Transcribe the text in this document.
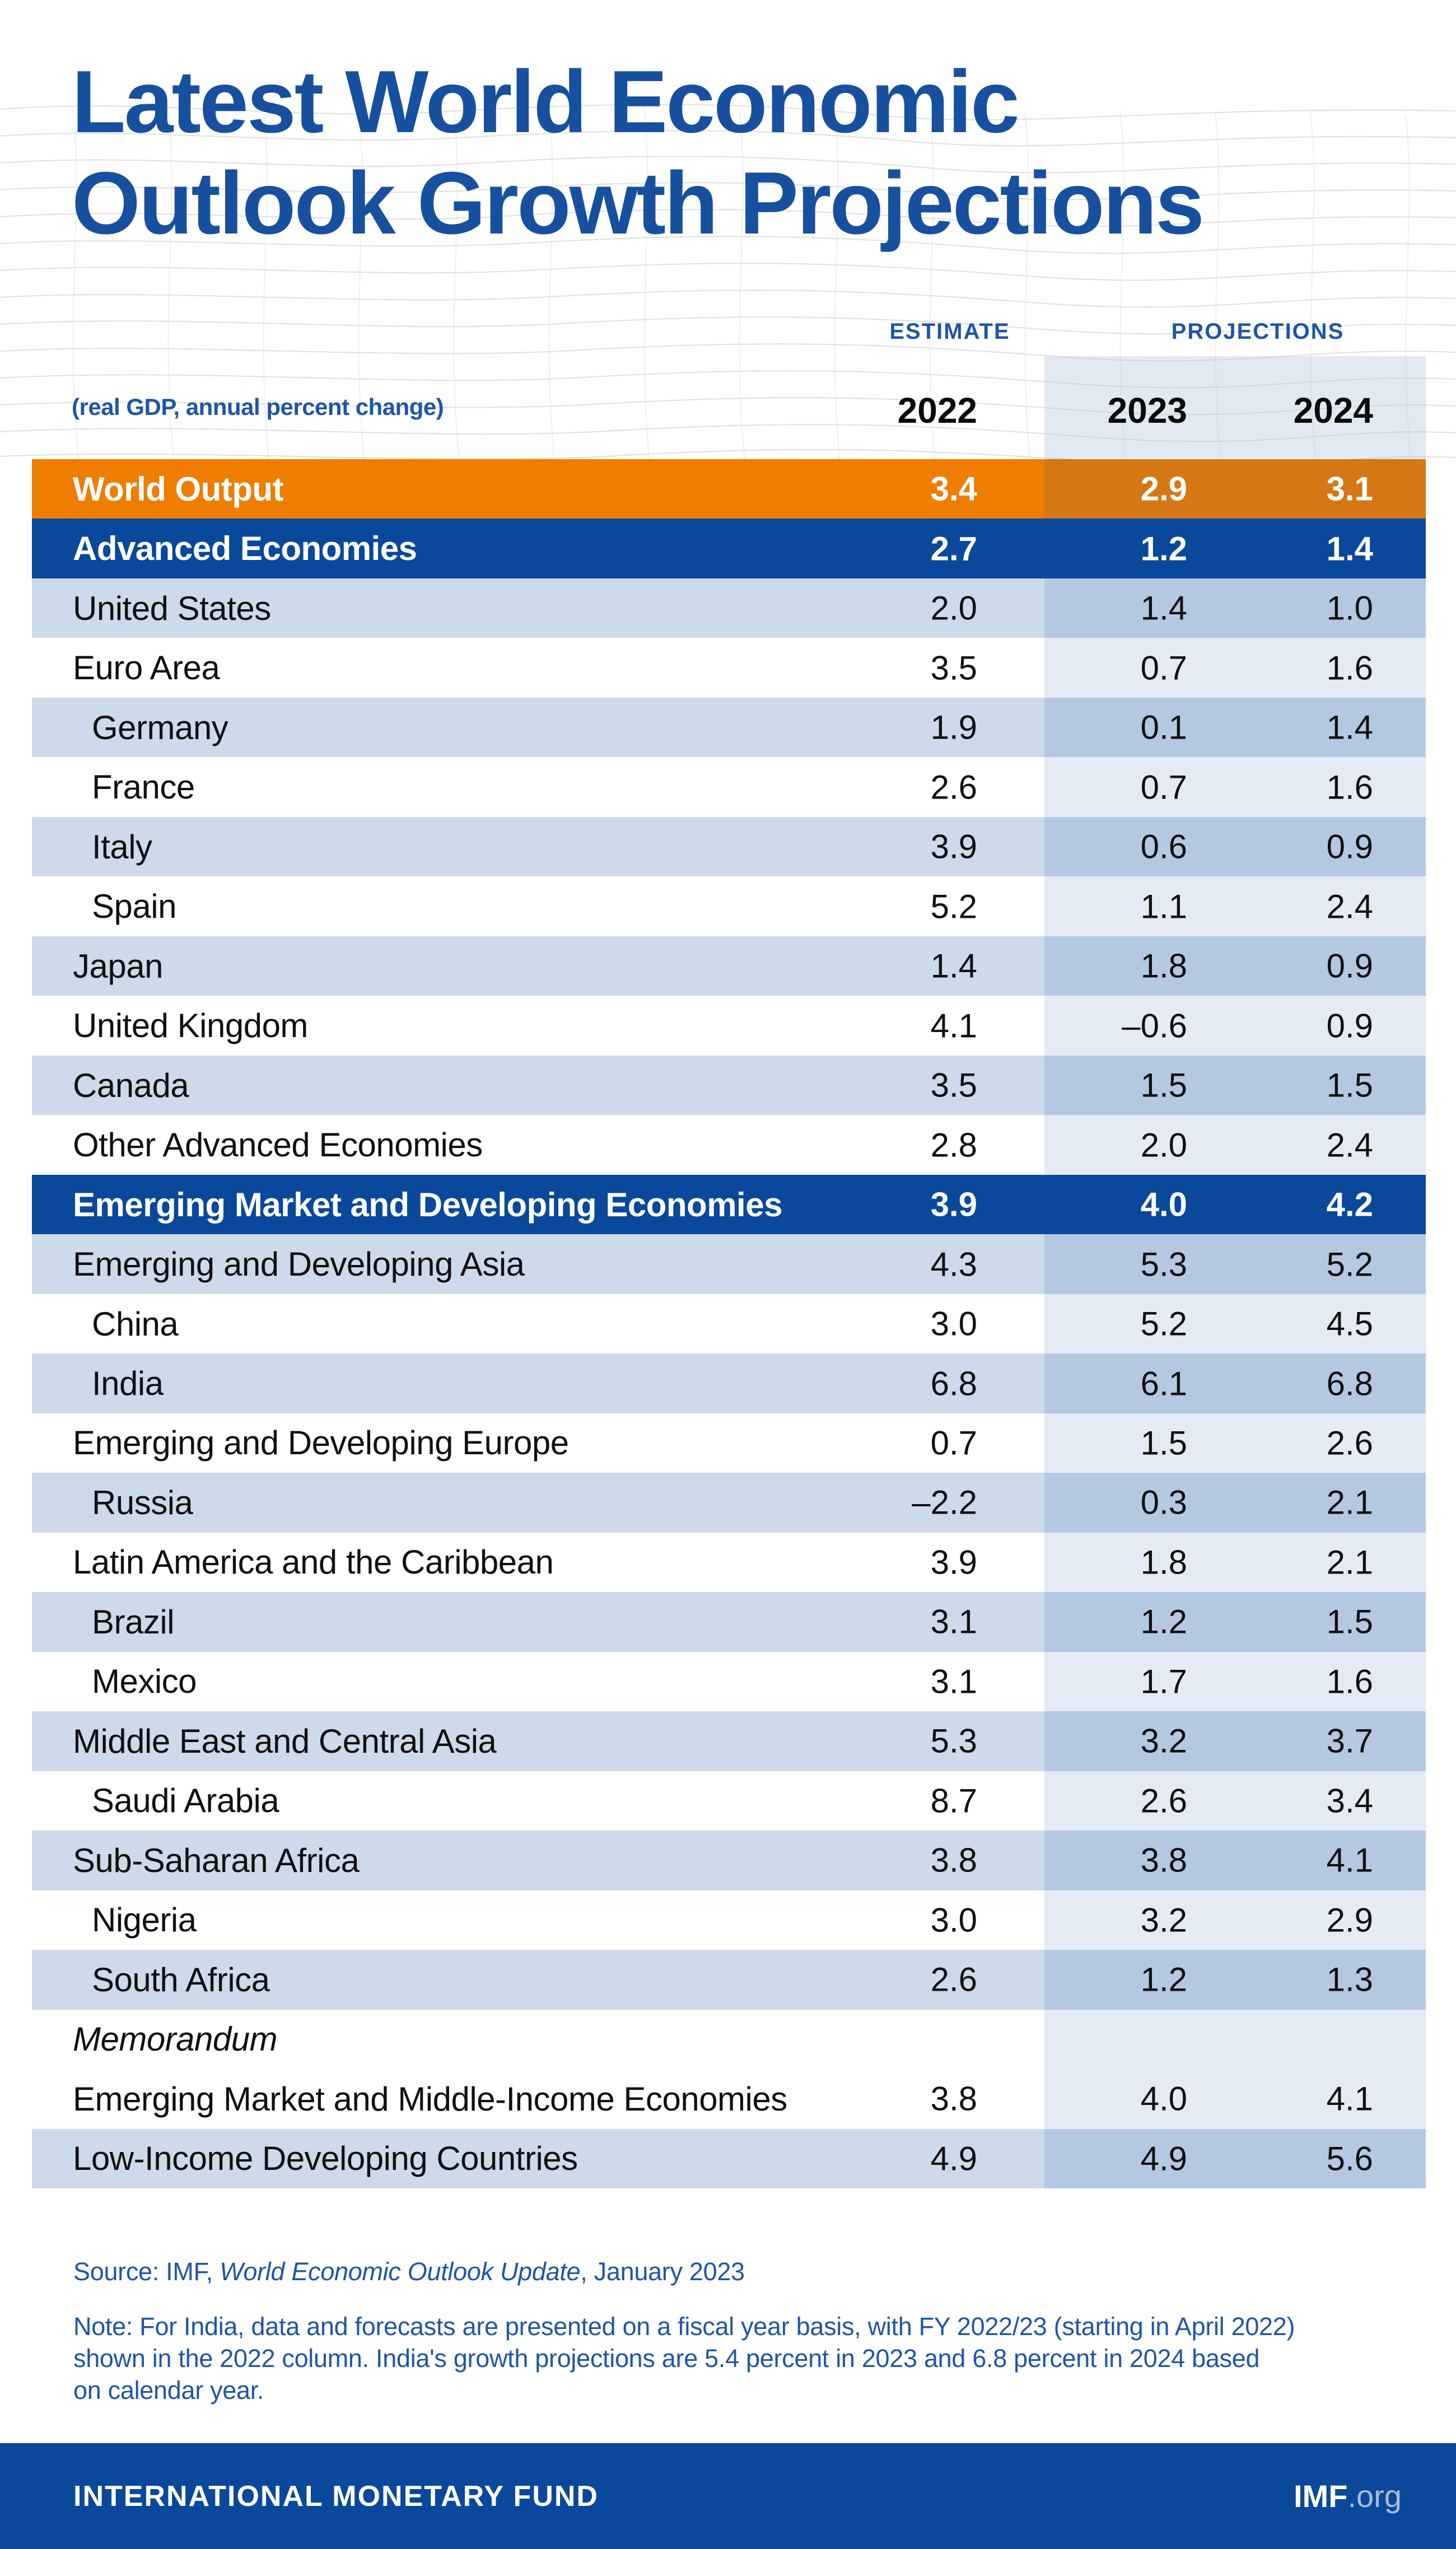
Latest World Economic
Outlook Growth Projections
ESTIMATE	PROJECTIONS
(real GDP, annual percent change)	2022	2023	2024
World Output	3.4	2.9	3.1
Advanced Economies	2.7	1.2	1.4
United States	2.0	1.4	1.0
Euro Area	3.5	0.7	1.6
Germany	1.9	0.1	1.4
France	2.6	0.7	1.6
Italy	3.9	0.6	0.9
Spain	5.2	1.1	2.4
Japan	1.4	1.8	0.9
United Kingdom	4.1	–0.6	0.9
Canada	3.5	1.5	1.5
Other Advanced Economies	2.8	2.0	2.4
Emerging Market and Developing Economies	3.9	4.0	4.2
Emerging and Developing Asia	4.3	5.3	5.2
China	3.0	5.2	4.5
India	6.8	6.1	6.8
Emerging and Developing Europe	0.7	1.5	2.6
Russia	–2.2	0.3	2.1
Latin America and the Caribbean	3.9	1.8	2.1
Brazil	3.1	1.2	1.5
Mexico	3.1	1.7	1.6
Middle East and Central Asia	5.3	3.2	3.7
Saudi Arabia	8.7	2.6	3.4
Sub-Saharan Africa	3.8	3.8	4.1
Nigeria	3.0	3.2	2.9
South Africa	2.6	1.2	1.3
Memorandum
Emerging Market and Middle-Income Economies	3.8	4.0	4.1
Low-Income Developing Countries	4.9	4.9	5.6
Source: IMF, World Economic Outlook Update, January 2023
Note: For India, data and forecasts are presented on a fiscal year basis, with FY 2022/23 (starting in April 2022)
shown in the 2022 column. India's growth projections are 5.4 percent in 2023 and 6.8 percent in 2024 based
on calendar year.
INTERNATIONAL MONETARY FUND	IMF.org
